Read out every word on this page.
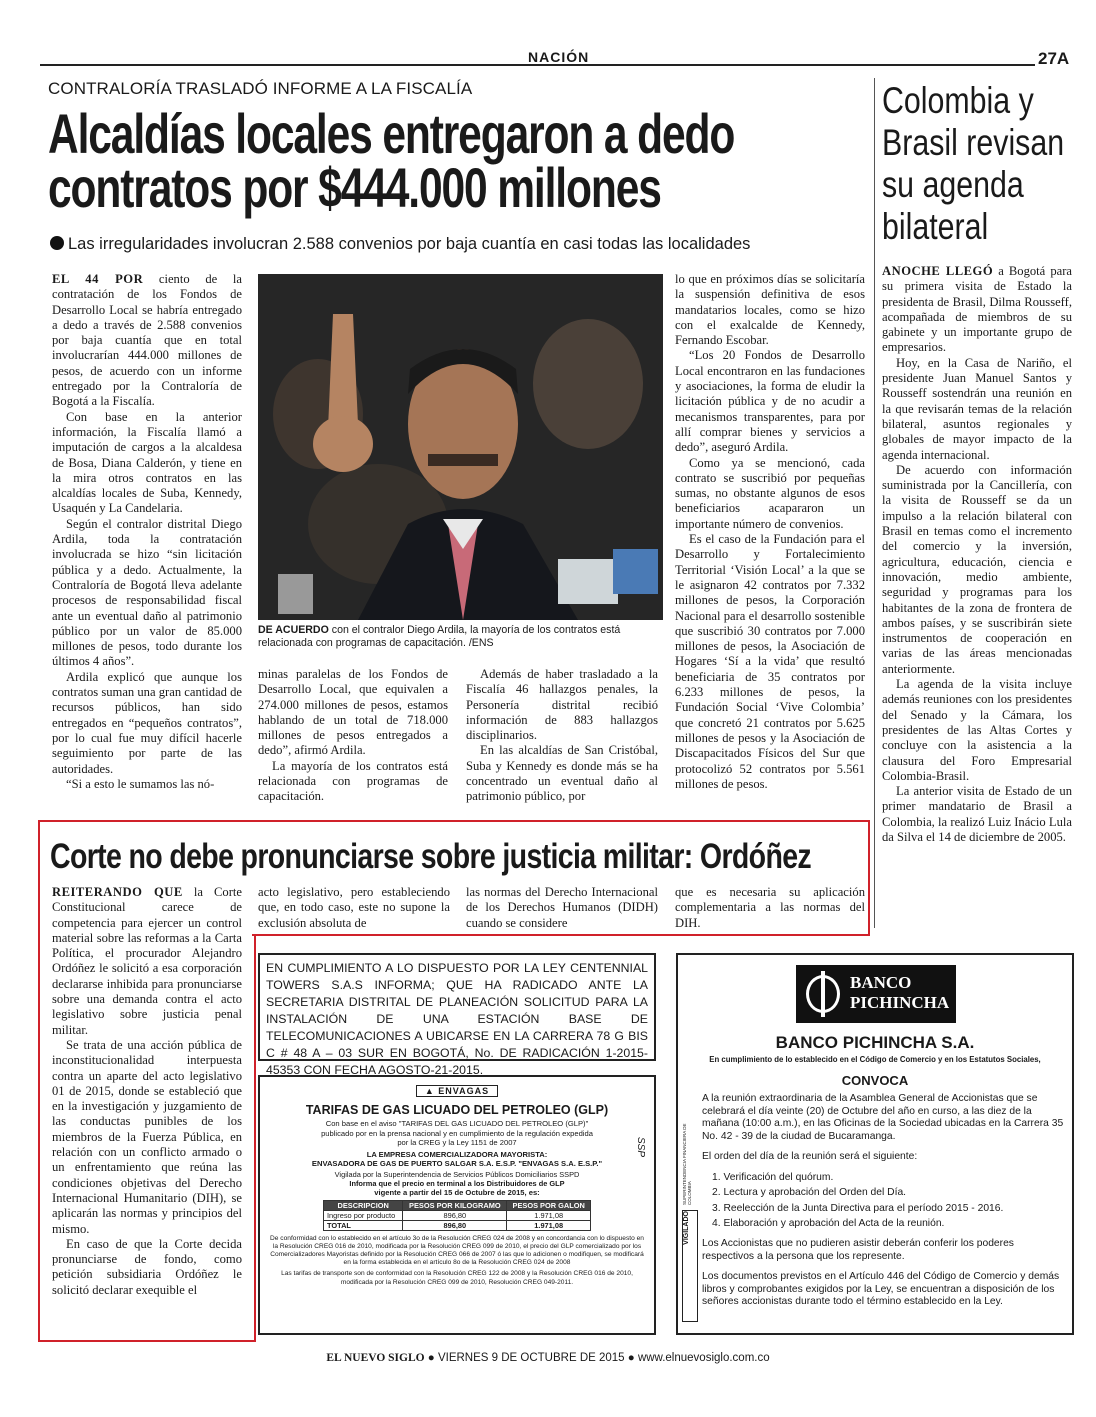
NACIÓN	27A
CONTRALORÍA TRASLADÓ INFORME A LA FISCALÍA
Alcaldías locales entregaron a dedo
contratos por $444.000 millones
Las irregularidades involucran 2.588 convenios por baja cuantía en casi todas las localidades

EL 44 POR ciento de la contratación de los Fondos de Desarrollo Local se habría entregado a dedo a través de 2.588 convenios por baja cuantía que en total involucrarían 444.000 millones de pesos, de acuerdo con un informe entregado por la Contraloría de Bogotá a la Fiscalía.

Con base en la anterior información, la Fiscalía llamó a imputación de cargos a la alcaldesa de Bosa, Diana Calderón, y tiene en la mira otros contratos en las alcaldías locales de Suba, Kennedy, Usaquén y La Candelaria.

Según el contralor distrital Diego Ardila, toda la contratación involucrada se hizo “sin licitación pública y a dedo. Actualmente, la Contraloría de Bogotá lleva adelante procesos de responsabilidad fiscal ante un eventual daño al patrimonio público por un valor de 85.000 millones de pesos, todo durante los últimos 4 años”.

Ardila explicó que aunque los contratos suman una gran cantidad de recursos públicos, han sido entregados en “pequeños contratos”, por lo cual fue muy difícil hacerle seguimiento por parte de las autoridades.

“Si a esto le sumamos las nó-

DE ACUERDO con el contralor Diego Ardila, la mayoría de los contratos está relacionada con programas de capacitación. /ENS

minas paralelas de los Fondos de Desarrollo Local, que equivalen a 274.000 millones de pesos, estamos hablando de un total de 718.000 millones de pesos entregados a dedo”, afirmó Ardila.

La mayoría de los contratos está relacionada con programas de capacitación.

Además de haber trasladado a la Fiscalía 46 hallazgos penales, la Personería distrital recibió información de 883 hallazgos disciplinarios.

En las alcaldías de San Cristóbal, Suba y Kennedy es donde más se ha concentrado un eventual daño al patrimonio público, por

lo que en próximos días se solicitaría la suspensión definitiva de esos mandatarios locales, como se hizo con el exalcalde de Kennedy, Fernando Escobar.

“Los 20 Fondos de Desarrollo Local encontraron en las fundaciones y asociaciones, la forma de eludir la licitación pública y de no acudir a mecanismos transparentes, para por allí comprar bienes y servicios a dedo”, aseguró Ardila.

Como ya se mencionó, cada contrato se suscribió por pequeñas sumas, no obstante algunos de esos beneficiarios acapararon un importante número de convenios.

Es el caso de la Fundación para el Desarrollo y Fortalecimiento Territorial ‘Visión Local’ a la que se le asignaron 42 contratos por 7.332 millones de pesos, la Corporación Nacional para el desarrollo sostenible que suscribió 30 contratos por 7.000 millones de pesos, la Asociación de Hogares ‘Sí a la vida’ que resultó beneficiaria de 35 contratos por 6.233 millones de pesos, la Fundación Social ‘Vive Colombia’ que concretó 21 contratos por 5.625 millones de pesos y la Asociación de Discapacitados Físicos del Sur que protocolizó 52 contratos por 5.561 millones de pesos.

Colombia y
Brasil revisan
su agenda
bilateral

ANOCHE LLEGÓ a Bogotá para su primera visita de Estado la presidenta de Brasil, Dilma Rousseff, acompañada de miembros de su gabinete y un importante grupo de empresarios.

Hoy, en la Casa de Nariño, el presidente Juan Manuel Santos y Rousseff sostendrán una reunión en la que revisarán temas de la relación bilateral, asuntos regionales y globales de mayor impacto de la agenda internacional.

De acuerdo con información suministrada por la Cancillería, con la visita de Rousseff se da un impulso a la relación bilateral con Brasil en temas como el incremento del comercio y la inversión, agricultura, educación, ciencia e innovación, medio ambiente, seguridad y programas para los habitantes de la zona de frontera de ambos países, y se suscribirán siete instrumentos de cooperación en varias de las áreas mencionadas anteriormente.

La agenda de la visita incluye además reuniones con los presidentes del Senado y la Cámara, los presidentes de las Altas Cortes y concluye con la asistencia a la clausura del Foro Empresarial Colombia-Brasil.

La anterior visita de Estado de un primer mandatario de Brasil a Colombia, la realizó Luiz Inácio Lula da Silva el 14 de diciembre de 2005.

Corte no debe pronunciarse sobre justicia militar: Ordóñez

REITERANDO QUE la Corte Constitucional carece de competencia para ejercer un control material sobre las reformas a la Carta Política, el procurador Alejandro Ordóñez le solicitó a esa corporación declararse inhibida para pronunciarse sobre una demanda contra el acto legislativo sobre justicia penal militar.

Se trata de una acción pública de inconstitucionalidad interpuesta contra un aparte del acto legislativo 01 de 2015, donde se estableció que en la investigación y juzgamiento de las conductas punibles de los miembros de la Fuerza Pública, en relación con un conflicto armado o un enfrentamiento que reúna las condiciones objetivas del Derecho Internacional Humanitario (DIH), se aplicarán las normas y principios del mismo.

En caso de que la Corte decida pronunciarse de fondo, como petición subsidiaria Ordóñez le solicitó declarar exequible el

acto legislativo, pero estableciendo que, en todo caso, este no supone la exclusión absoluta de

las normas del Derecho Internacional de los Derechos Humanos (DIDH) cuando se considere

que es necesaria su aplicación complementaria a las normas del DIH.

EN CUMPLIMIENTO A LO DISPUESTO POR LA LEY CENTENNIAL TOWERS S.A.S INFORMA; QUE HA RADICADO ANTE LA SECRETARIA DISTRITAL DE PLANEACIÓN SOLICITUD PARA LA INSTALACIÓN DE UNA ESTACIÓN BASE DE TELECOMUNICACIONES A UBICARSE EN LA CARRERA 78 G BIS C # 48 A – 03 SUR EN BOGOTÁ, No. DE RADICACIÓN 1-2015-45353 CON FECHA AGOSTO-21-2015.
▲ ENVAGAS
TARIFAS DE GAS LICUADO DEL PETROLEO (GLP)
Con base en el aviso "TARIFAS DEL GAS LICUADO DEL PETROLEO (GLP)" publicado por en la prensa nacional y en cumplimiento de la regulación expedida por la CREG y la Ley 1151 de 2007
LA EMPRESA COMERCIALIZADORA MAYORISTA:
ENVASADORA DE GAS DE PUERTO SALGAR S.A. E.S.P. "ENVAGAS S.A. E.S.P."
Vigilada por la Superintendencia de Servicios Públicos Domiciliarios SSPD
Informa que el precio en terminal a los Distribuidores de GLP
vigente a partir del 15 de Octubre de 2015, es:
DESCRIPCION	PESOS POR KILOGRAMO	PESOS POR GALON
Ingreso por producto	896,80	1.971,08
TOTAL	896,80	1.971,08
De conformidad con lo establecido en el artículo 3o de la Resolución CREG 024 de 2008 y en concordancia con lo dispuesto en la Resolución CREG 016 de 2010, modificada por la Resolución CREG 099 de 2010, el precio del GLP comercializado por los Comercializadores Mayoristas definido por la Resolución CREG 066 de 2007 ó las que lo adicionen o modifiquen, se modificará en la forma establecida en el artículo 8o de la Resolución CREG 024 de 2008
Las tarifas de transporte son de conformidad con la Resolución CREG 122 de 2008 y la Resolución CREG 016 de 2010, modificada por la Resolución CREG 099 de 2010, Resolución CREG 049-2011.
SSP
BANCO
PICHINCHA
BANCO PICHINCHA S.A.
En cumplimiento de lo establecido en el Código de Comercio y en los Estatutos Sociales,
CONVOCA
VIGILADO
SUPERINTENDENCIA FINANCIERA DE COLOMBIA
A la reunión extraordinaria de la Asamblea General de Accionistas que se celebrará el día veinte (20) de Octubre del año en curso, a las diez de la mañana (10:00 a.m.), en las Oficinas de la Sociedad ubicadas en la Carrera 35 No. 42 - 39 de la ciudad de Bucaramanga.
El orden del día de la reunión será el siguiente:
1. Verificación del quórum.
2. Lectura y aprobación del Orden del Día.
3. Reelección de la Junta Directiva para el período 2015 - 2016.
4. Elaboración y aprobación del Acta de la reunión.
Los Accionistas que no pudieren asistir deberán conferir los poderes respectivos a la persona que los represente.
Los documentos previstos en el Artículo 446 del Código de Comercio y demás libros y comprobantes exigidos por la Ley, se encuentran a disposición de los señores accionistas durante todo el término establecido en la Ley.
EL NUEVO SIGLO ● VIERNES 9 DE OCTUBRE DE 2015 ● www.elnuevosiglo.com.co
